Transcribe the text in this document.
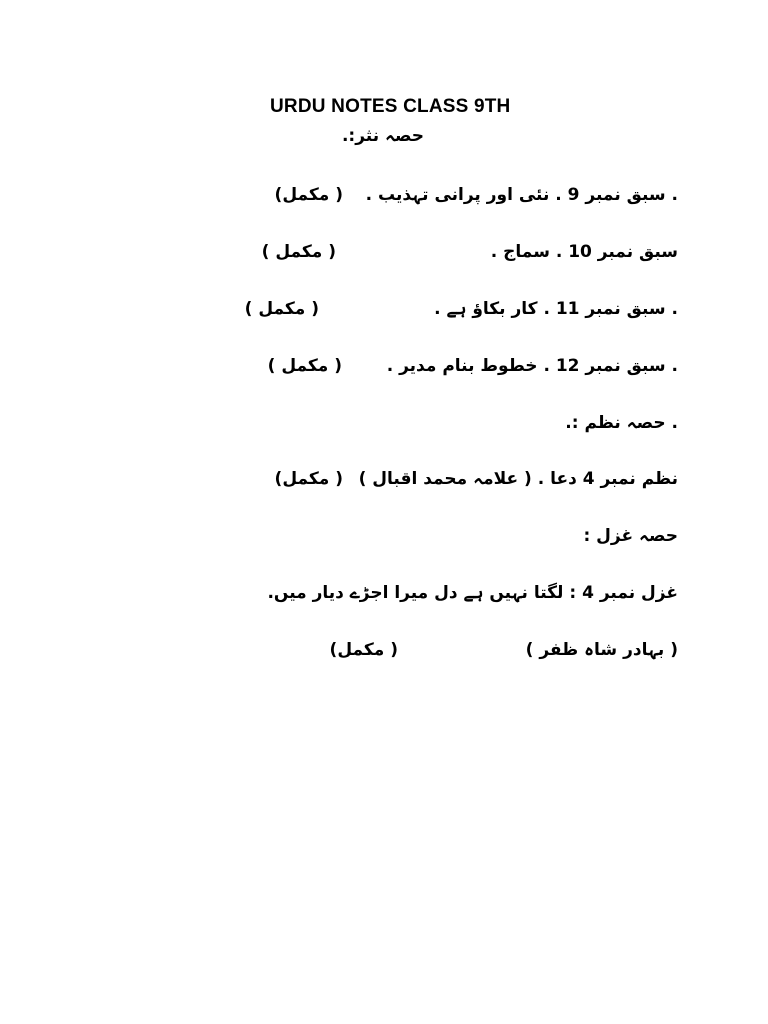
URDU NOTES CLASS 9TH
حصہ نثر:.
. سبق نمبر 9 . نئی اور پرانی تہذیب .
( مکمل)
سبق نمبر 10 . سماج .
( مکمل )
. سبق نمبر 11 . کار بکاؤ ہے .
( مکمل )
. سبق نمبر 12 . خطوط بنام مدیر .
( مکمل )
. حصہ نظم :.
نظم نمبر 4 دعا . ( علامہ محمد اقبال )
( مکمل)
حصہ غزل :
غزل نمبر 4 : لگتا نہیں ہے دل میرا اجڑے دیار میں.
( بہادر شاہ ظفر )
( مکمل)
